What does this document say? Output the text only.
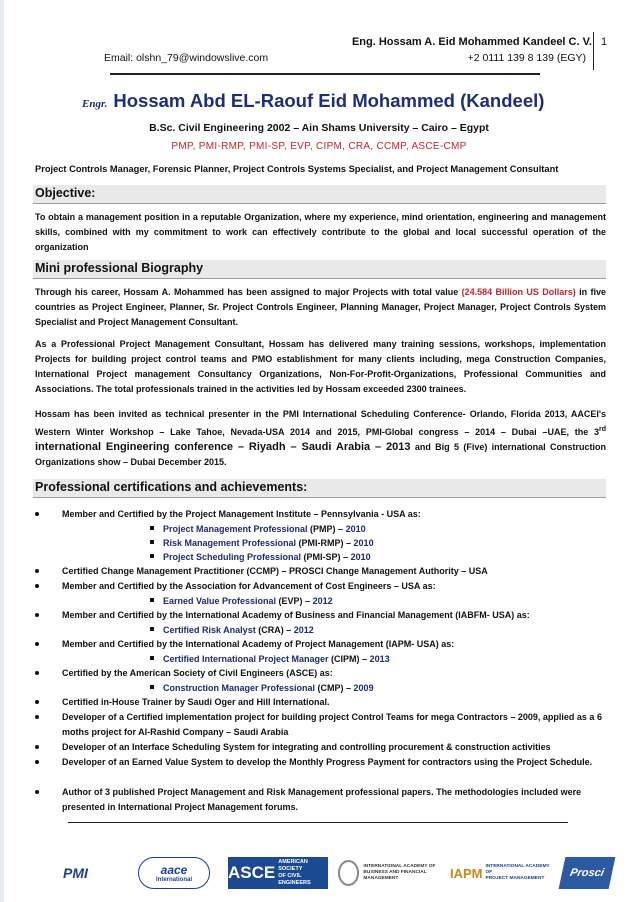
Eng. Hossam A. Eid Mohammed Kandeel C. V. 1
Email: olshn_79@windowslive.com	+2 0111 139 8 139 (EGY)
Engr. Hossam Abd EL-Raouf Eid Mohammed (Kandeel)
B.Sc. Civil Engineering 2002 – Ain Shams University – Cairo – Egypt
PMP, PMI-RMP, PMI-SP, EVP, CIPM, CRA, CCMP, ASCE-CMP
Project Controls Manager, Forensic Planner, Project Controls Systems Specialist, and Project Management Consultant
Objective:
To obtain a management position in a reputable Organization, where my experience, mind orientation, engineering and management skills, combined with my commitment to work can effectively contribute to the global and local successful operation of the organization
Mini professional Biography
Through his career, Hossam A. Mohammed has been assigned to major Projects with total value (24.584 Billion US Dollars) in five countries as Project Engineer, Planner, Sr. Project Controls Engineer, Planning Manager, Project Manager, Project Controls System Specialist and Project Management Consultant.
As a Professional Project Management Consultant, Hossam has delivered many training sessions, workshops, implementation Projects for building project control teams and PMO establishment for many clients including, mega Construction Companies, International Project management Consultancy Organizations, Non-For-Profit-Organizations, Professional Communities and Associations. The total professionals trained in the activities led by Hossam exceeded 2300 trainees.
Hossam has been invited as technical presenter in the PMI International Scheduling Conference- Orlando, Florida 2013, AACEI's Western Winter Workshop – Lake Tahoe, Nevada-USA 2014 and 2015, PMI-Global congress – 2014 – Dubai –UAE, the 3rd international Engineering conference – Riyadh – Saudi Arabia – 2013 and Big 5 (Five) international Construction Organizations show – Dubai December 2015.
Professional certifications and achievements:
Member and Certified by the Project Management Institute – Pennsylvania - USA as:
Project Management Professional (PMP) – 2010
Risk Management Professional (PMI-RMP) – 2010
Project Scheduling Professional (PMI-SP) – 2010
Certified Change Management Practitioner (CCMP) – PROSCI Change Management Authority – USA
Member and Certified by the Association for Advancement of Cost Engineers – USA as:
Earned Value Professional (EVP) – 2012
Member and Certified by the International Academy of Business and Financial Management (IABFM- USA) as:
Certified Risk Analyst (CRA) – 2012
Member and Certified by the International Academy of Project Management (IAPM- USA) as:
Certified International Project Manager (CIPM) – 2013
Certified by the American Society of Civil Engineers (ASCE) as:
Construction Manager Professional (CMP) – 2009
Certified in-House Trainer by Saudi Oger and Hill International.
Developer of a Certified implementation project for building project Control Teams for mega Contractors – 2009, applied as a 6 moths project for Al-Rashid Company – Saudi Arabia
Developer of an Interface Scheduling System for integrating and controlling procurement & construction activities
Developer of an Earned Value System to develop the Monthly Progress Payment for contractors using the Project Schedule.
Author of 3 published Project Management and Risk Management professional papers. The methodologies included were presented in International Project Management forums.
PMI	aace
International ASCE
AMERICAN SOCIETY
OF CIVIL ENGINEERS
INTERNATIONAL ACADEMY OF
BUSINESS AND FINANCIAL MANAGEMENT	IAPM INTERNATIONAL ACADEMY OF
PROJECT MANAGEMENT	Prosci
